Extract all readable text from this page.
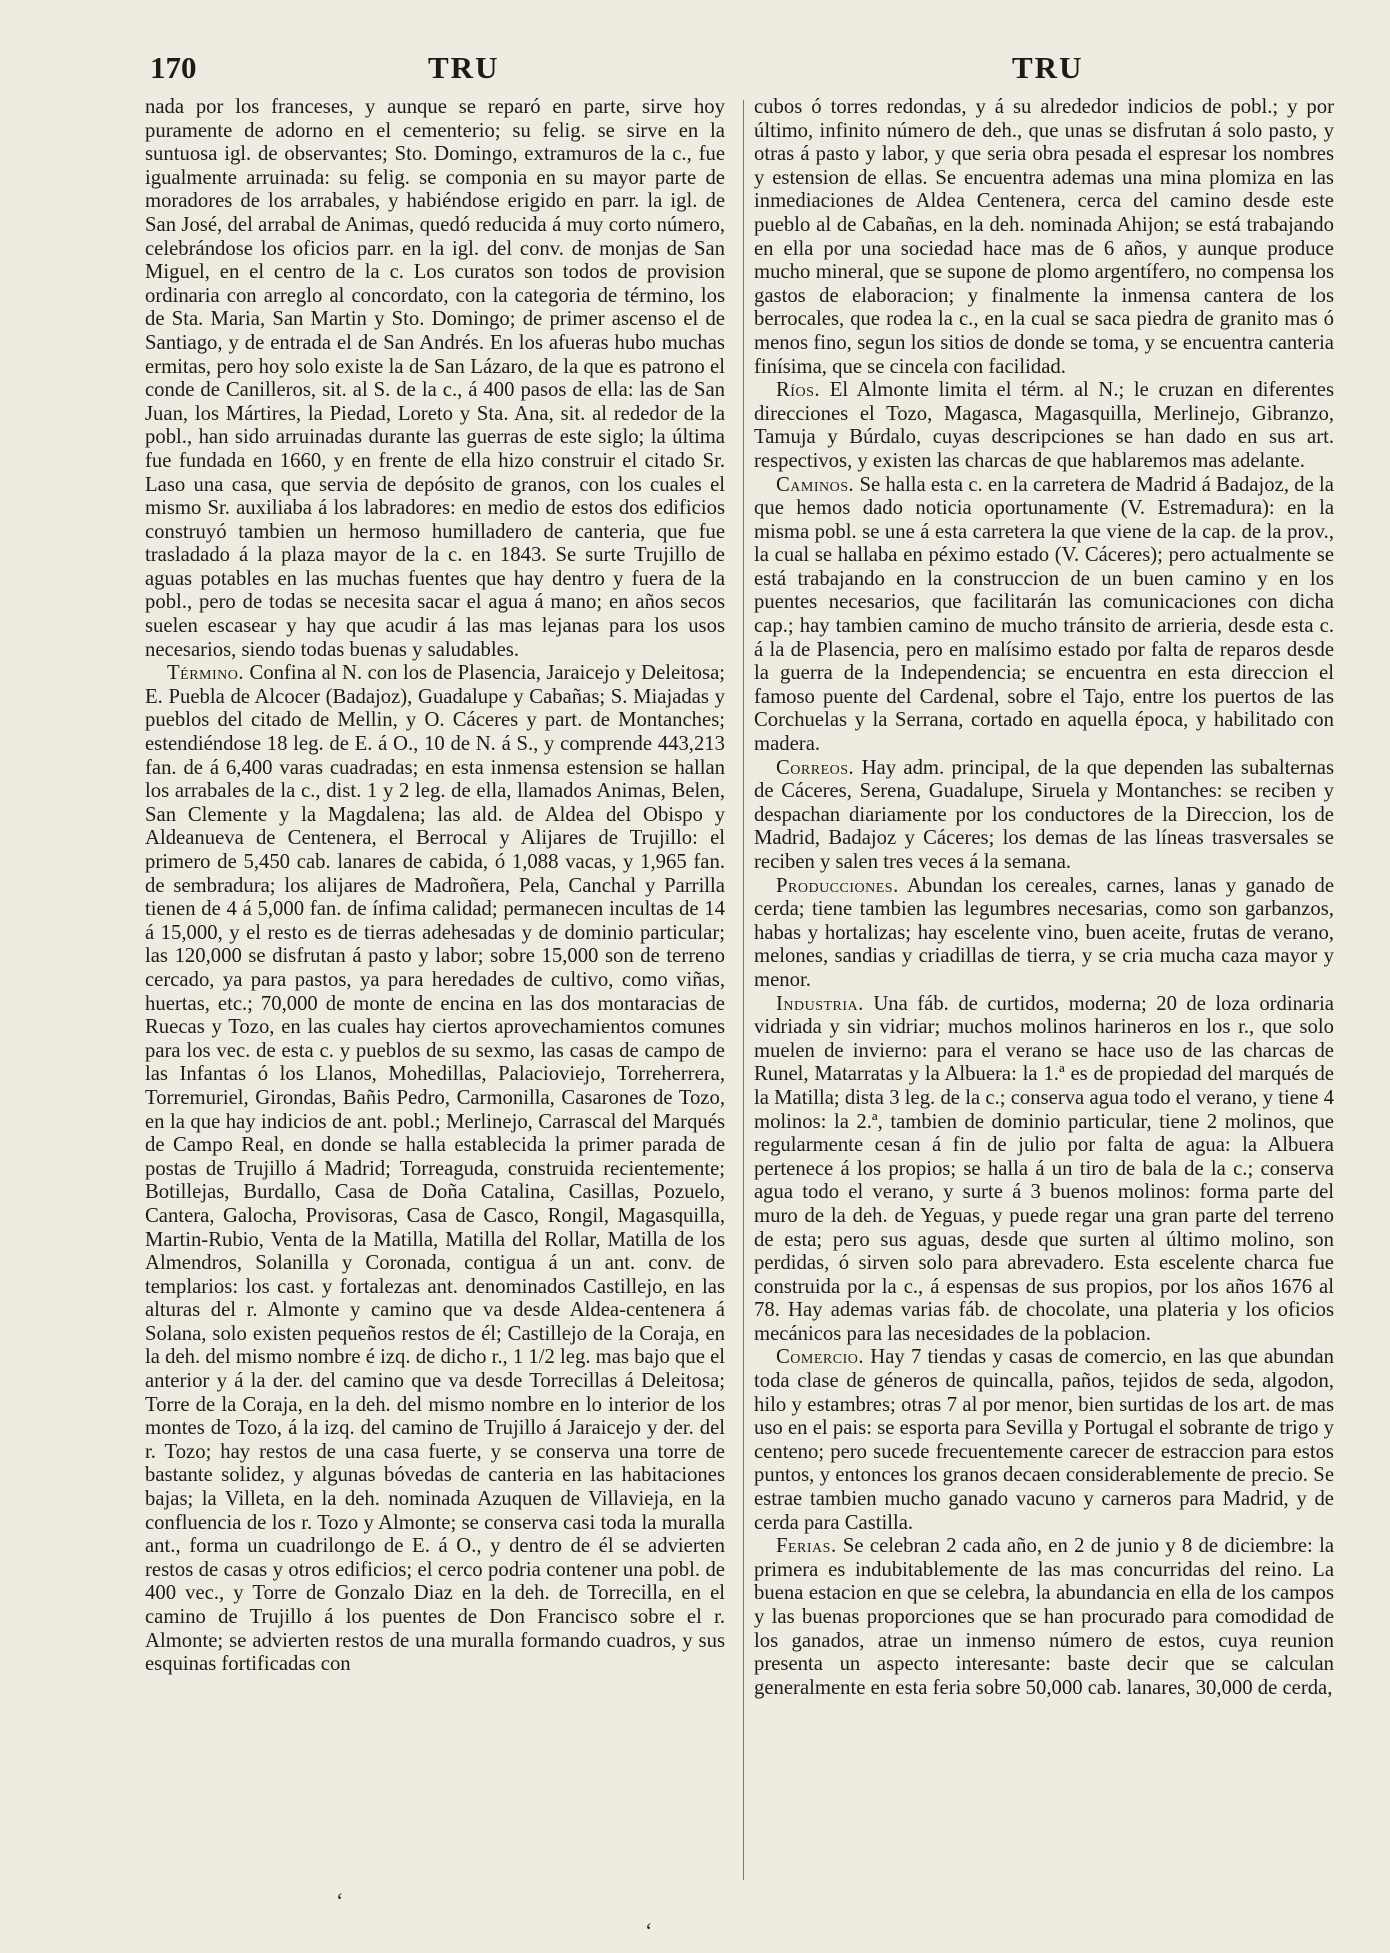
170	TRU	TRU

nada por los franceses, y aunque se reparó en parte, sirve hoy puramente de adorno en el cementerio; su felig. se sirve en la suntuosa igl. de observantes; Sto. Domingo, extramuros de la c., fue igualmente arruinada: su felig. se componia en su mayor parte de moradores de los arrabales, y habiéndose erigido en parr. la igl. de San José, del arrabal de Animas, quedó reducida á muy corto número, celebrándose los oficios parr. en la igl. del conv. de monjas de San Miguel, en el centro de la c. Los curatos son todos de provision ordinaria con arreglo al concordato, con la categoria de término, los de Sta. Maria, San Martin y Sto. Domingo; de primer ascenso el de Santiago, y de entrada el de San Andrés. En los afueras hubo muchas ermitas, pero hoy solo existe la de San Lázaro, de la que es patrono el conde de Canilleros, sit. al S. de la c., á 400 pasos de ella: las de San Juan, los Mártires, la Piedad, Loreto y Sta. Ana, sit. al rededor de la pobl., han sido arruinadas durante las guerras de este siglo; la última fue fundada en 1660, y en frente de ella hizo construir el citado Sr. Laso una casa, que servia de depósito de granos, con los cuales el mismo Sr. auxiliaba á los labradores: en medio de estos dos edificios construyó tambien un hermoso humilladero de canteria, que fue trasladado á la plaza mayor de la c. en 1843. Se surte Trujillo de aguas potables en las muchas fuentes que hay dentro y fuera de la pobl., pero de todas se necesita sacar el agua á mano; en años secos suelen escasear y hay que acudir á las mas lejanas para los usos necesarios, siendo todas buenas y saludables.

Término. Confina al N. con los de Plasencia, Jaraicejo y Deleitosa; E. Puebla de Alcocer (Badajoz), Guadalupe y Cabañas; S. Miajadas y pueblos del citado de Mellin, y O. Cáceres y part. de Montanches; estendiéndose 18 leg. de E. á O., 10 de N. á S., y comprende 443,213 fan. de á 6,400 varas cuadradas; en esta inmensa estension se hallan los arrabales de la c., dist. 1 y 2 leg. de ella, llamados Animas, Belen, San Clemente y la Magdalena; las ald. de Aldea del Obispo y Aldeanueva de Centenera, el Berrocal y Alijares de Trujillo: el primero de 5,450 cab. lanares de cabida, ó 1,088 vacas, y 1,965 fan. de sembradura; los alijares de Madroñera, Pela, Canchal y Parrilla tienen de 4 á 5,000 fan. de ínfima calidad; permanecen incultas de 14 á 15,000, y el resto es de tierras adehesadas y de dominio particular; las 120,000 se disfrutan á pasto y labor; sobre 15,000 son de terreno cercado, ya para pastos, ya para heredades de cultivo, como viñas, huertas, etc.; 70,000 de monte de encina en las dos montaracias de Ruecas y Tozo, en las cuales hay ciertos aprovechamientos comunes para los vec. de esta c. y pueblos de su sexmo, las casas de campo de las Infantas ó los Llanos, Mohedillas, Palacioviejo, Torreherrera, Torremuriel, Girondas, Bañis Pedro, Carmonilla, Casarones de Tozo, en la que hay indicios de ant. pobl.; Merlinejo, Carrascal del Marqués de Campo Real, en donde se halla establecida la primer parada de postas de Trujillo á Madrid; Torreaguda, construida recientemente; Botillejas, Burdallo, Casa de Doña Catalina, Casillas, Pozuelo, Cantera, Galocha, Provisoras, Casa de Casco, Rongil, Magasquilla, Martin-Rubio, Venta de la Matilla, Matilla del Rollar, Matilla de los Almendros, Solanilla y Coronada, contigua á un ant. conv. de templarios: los cast. y fortalezas ant. denominados Castillejo, en las alturas del r. Almonte y camino que va desde Aldea-centenera á Solana, solo existen pequeños restos de él; Castillejo de la Coraja, en la deh. del mismo nombre é izq. de dicho r., 1 1/2 leg. mas bajo que el anterior y á la der. del camino que va desde Torrecillas á Deleitosa; Torre de la Coraja, en la deh. del mismo nombre en lo interior de los montes de Tozo, á la izq. del camino de Trujillo á Jaraicejo y der. del r. Tozo; hay restos de una casa fuerte, y se conserva una torre de bastante solidez, y algunas bóvedas de canteria en las habitaciones bajas; la Villeta, en la deh. nominada Azuquen de Villavieja, en la confluencia de los r. Tozo y Almonte; se conserva casi toda la muralla ant., forma un cuadrilongo de E. á O., y dentro de él se advierten restos de casas y otros edificios; el cerco podria contener una pobl. de 400 vec., y Torre de Gonzalo Diaz en la deh. de Torrecilla, en el camino de Trujillo á los puentes de Don Francisco sobre el r. Almonte; se advierten restos de una muralla formando cuadros, y sus esquinas fortificadas con

cubos ó torres redondas, y á su alrededor indicios de pobl.; y por último, infinito número de deh., que unas se disfrutan á solo pasto, y otras á pasto y labor, y que seria obra pesada el espresar los nombres y estension de ellas. Se encuentra ademas una mina plomiza en las inmediaciones de Aldea Centenera, cerca del camino desde este pueblo al de Cabañas, en la deh. nominada Ahijon; se está trabajando en ella por una sociedad hace mas de 6 años, y aunque produce mucho mineral, que se supone de plomo argentífero, no compensa los gastos de elaboracion; y finalmente la inmensa cantera de los berrocales, que rodea la c., en la cual se saca piedra de granito mas ó menos fino, segun los sitios de donde se toma, y se encuentra canteria finísima, que se cincela con facilidad.

Ríos. El Almonte limita el térm. al N.; le cruzan en diferentes direcciones el Tozo, Magasca, Magasquilla, Merlinejo, Gibranzo, Tamuja y Búrdalo, cuyas descripciones se han dado en sus art. respectivos, y existen las charcas de que hablaremos mas adelante.

Caminos. Se halla esta c. en la carretera de Madrid á Badajoz, de la que hemos dado noticia oportunamente (V. Estremadura): en la misma pobl. se une á esta carretera la que viene de la cap. de la prov., la cual se hallaba en péximo estado (V. Cáceres); pero actualmente se está trabajando en la construccion de un buen camino y en los puentes necesarios, que facilitarán las comunicaciones con dicha cap.; hay tambien camino de mucho tránsito de arrieria, desde esta c. á la de Plasencia, pero en malísimo estado por falta de reparos desde la guerra de la Independencia; se encuentra en esta direccion el famoso puente del Cardenal, sobre el Tajo, entre los puertos de las Corchuelas y la Serrana, cortado en aquella época, y habilitado con madera.

Correos. Hay adm. principal, de la que dependen las subalternas de Cáceres, Serena, Guadalupe, Siruela y Montanches: se reciben y despachan diariamente por los conductores de la Direccion, los de Madrid, Badajoz y Cáceres; los demas de las líneas trasversales se reciben y salen tres veces á la semana.

Producciones. Abundan los cereales, carnes, lanas y ganado de cerda; tiene tambien las legumbres necesarias, como son garbanzos, habas y hortalizas; hay escelente vino, buen aceite, frutas de verano, melones, sandias y criadillas de tierra, y se cria mucha caza mayor y menor.

Industria. Una fáb. de curtidos, moderna; 20 de loza ordinaria vidriada y sin vidriar; muchos molinos harineros en los r., que solo muelen de invierno: para el verano se hace uso de las charcas de Runel, Matarratas y la Albuera: la 1.ª es de propiedad del marqués de la Matilla; dista 3 leg. de la c.; conserva agua todo el verano, y tiene 4 molinos: la 2.ª, tambien de dominio particular, tiene 2 molinos, que regularmente cesan á fin de julio por falta de agua: la Albuera pertenece á los propios; se halla á un tiro de bala de la c.; conserva agua todo el verano, y surte á 3 buenos molinos: forma parte del muro de la deh. de Yeguas, y puede regar una gran parte del terreno de esta; pero sus aguas, desde que surten al último molino, son perdidas, ó sirven solo para abrevadero. Esta escelente charca fue construida por la c., á espensas de sus propios, por los años 1676 al 78. Hay ademas varias fáb. de chocolate, una plateria y los oficios mecánicos para las necesidades de la poblacion.

Comercio. Hay 7 tiendas y casas de comercio, en las que abundan toda clase de géneros de quincalla, paños, tejidos de seda, algodon, hilo y estambres; otras 7 al por menor, bien surtidas de los art. de mas uso en el pais: se esporta para Sevilla y Portugal el sobrante de trigo y centeno; pero sucede frecuentemente carecer de estraccion para estos puntos, y entonces los granos decaen considerablemente de precio. Se estrae tambien mucho ganado vacuno y carneros para Madrid, y de cerda para Castilla.

Ferias. Se celebran 2 cada año, en 2 de junio y 8 de diciembre: la primera es indubitablemente de las mas concurridas del reino. La buena estacion en que se celebra, la abundancia en ella de los campos y las buenas proporciones que se han procurado para comodidad de los ganados, atrae un inmenso número de estos, cuya reunion presenta un aspecto interesante: baste decir que se calculan generalmente en esta feria sobre 50,000 cab. lanares, 30,000 de cerda,

‘
‘
